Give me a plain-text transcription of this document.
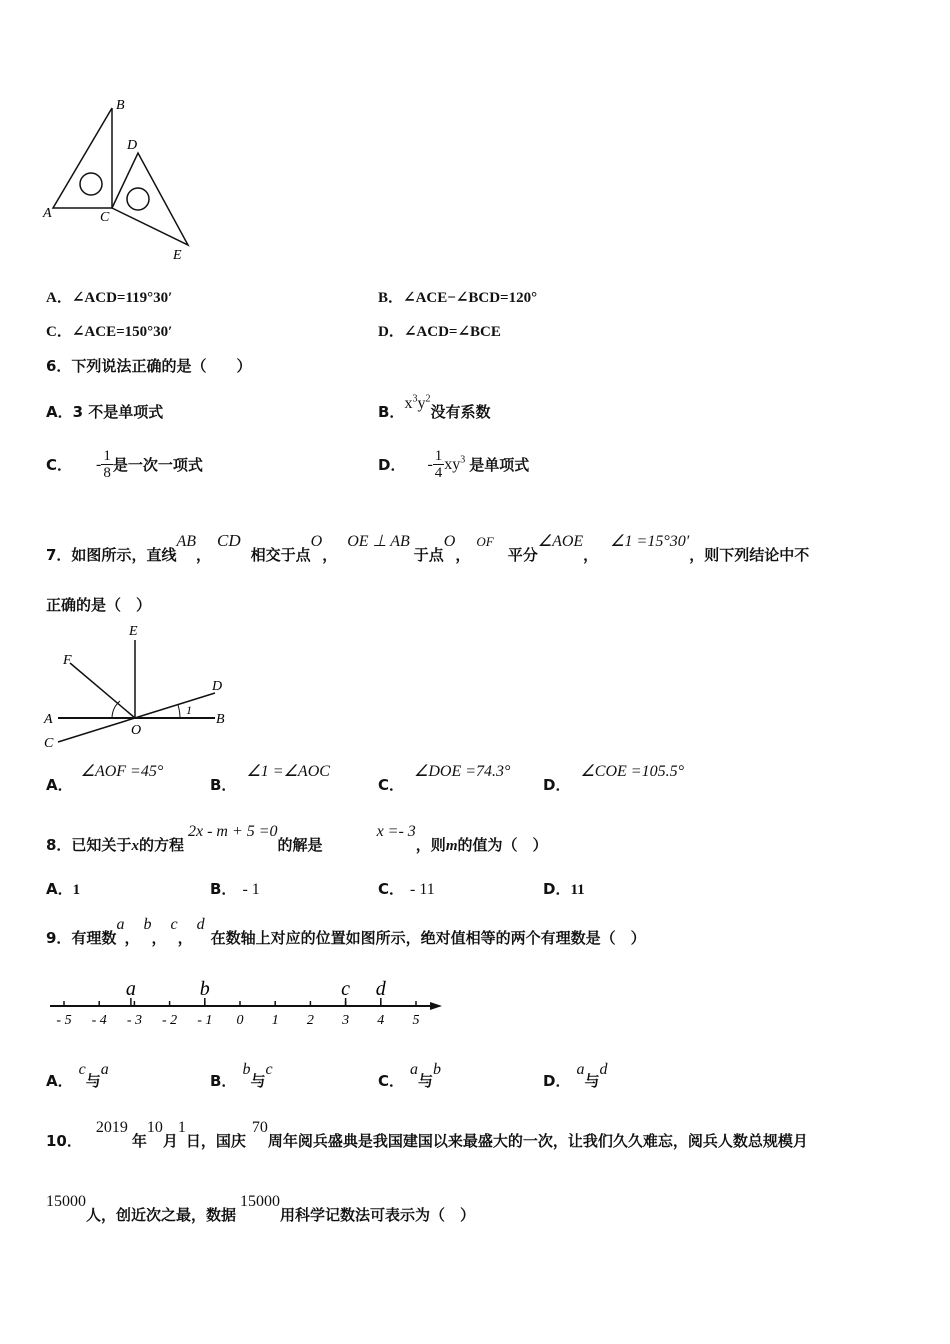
B
D
A	C
E
A．∠ACD=119°30′	B．∠ACE−∠BCD=120°
C．∠ACE=150°30′	D．∠ACD=∠BCE
6．下列说法正确的是（　　）
A．3 不是单项式	B．$x^3y^2$没有系数
C． - $\frac{1}{8}$ 是一次一项式	D． - $\frac{1}{4} xy^3$ 是单项式
7．如图所示，直线AB，CD相交于点O，OE ⊥ AB于点O，OF平分∠AOE，∠1 =15°30′，则下列结论中不
正确的是（　）
E
F
D
A	B
O
C
1
A．∠AOF =45°
B．∠1 =∠AOC
C．∠DOE =74.3°
D．∠COE =105.5°
8．已知关于x的方程2x - m + 5 =0的解是x =- 3，则m的值为（　）
A．1	B． - 1	C． - 11	D．11
9．有理数a，b，c，d在数轴上对应的位置如图所示，绝对值相等的两个有理数是（　）
- 5 - 4 - 3 - 2 - 1 0 1 2 3 4 5
a	b	c d
A．c与a
B．b与c
C．a与b
D．a与d
10．2019年10月1日，国庆70周年阅兵盛典是我国建国以来最盛大的一次，让我们久久难忘，阅兵人数总规模月
15000人，创近次之最，数据15000用科学记数法可表示为（　）
